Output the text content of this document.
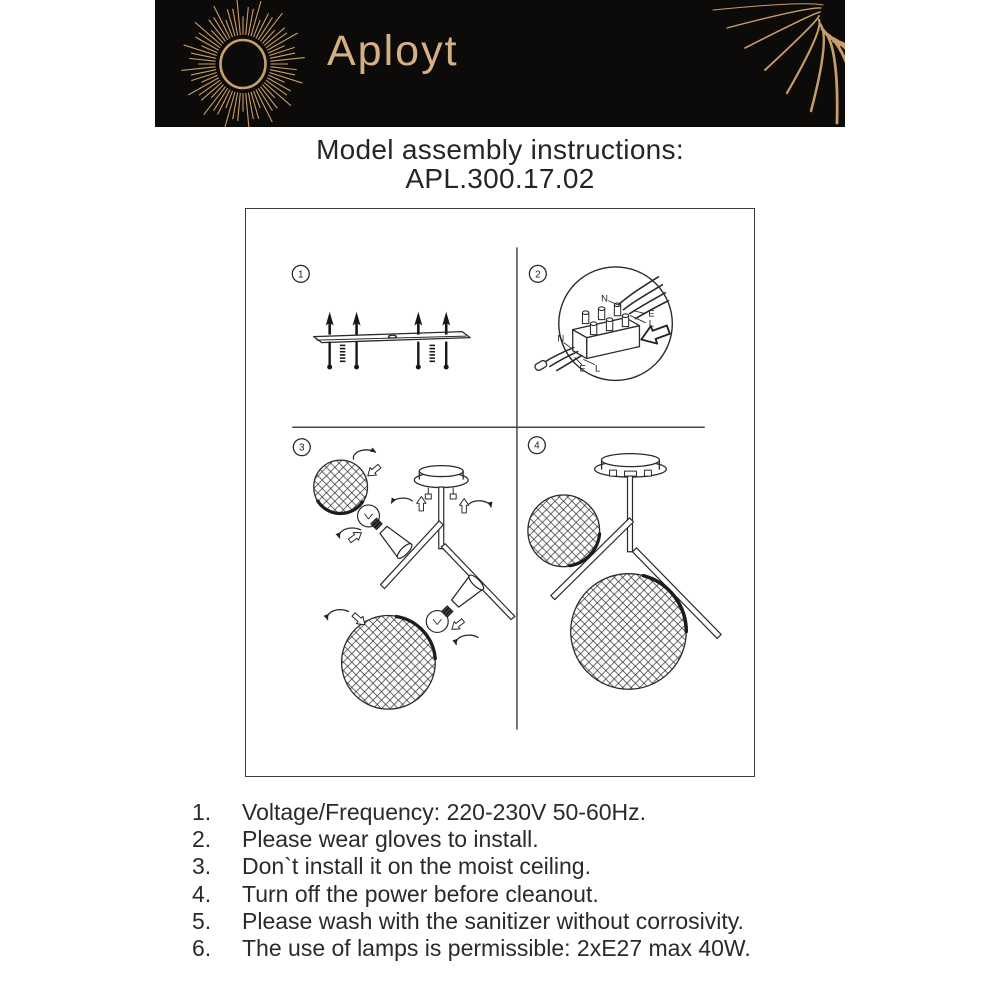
Aployt
Model assembly instructions:
APL.300.17.02
1	2
N
E
L
N
E L
3	4
1.	Voltage/Frequency: 220-230V 50-60Hz.
2.	Please wear gloves to install.
3.	Don`t install it on the moist ceiling.
4.	Turn off the power before cleanout.
5.	Please wash with the sanitizer without corrosivity.
6.	The use of lamps is permissible: 2xE27 max 40W.
